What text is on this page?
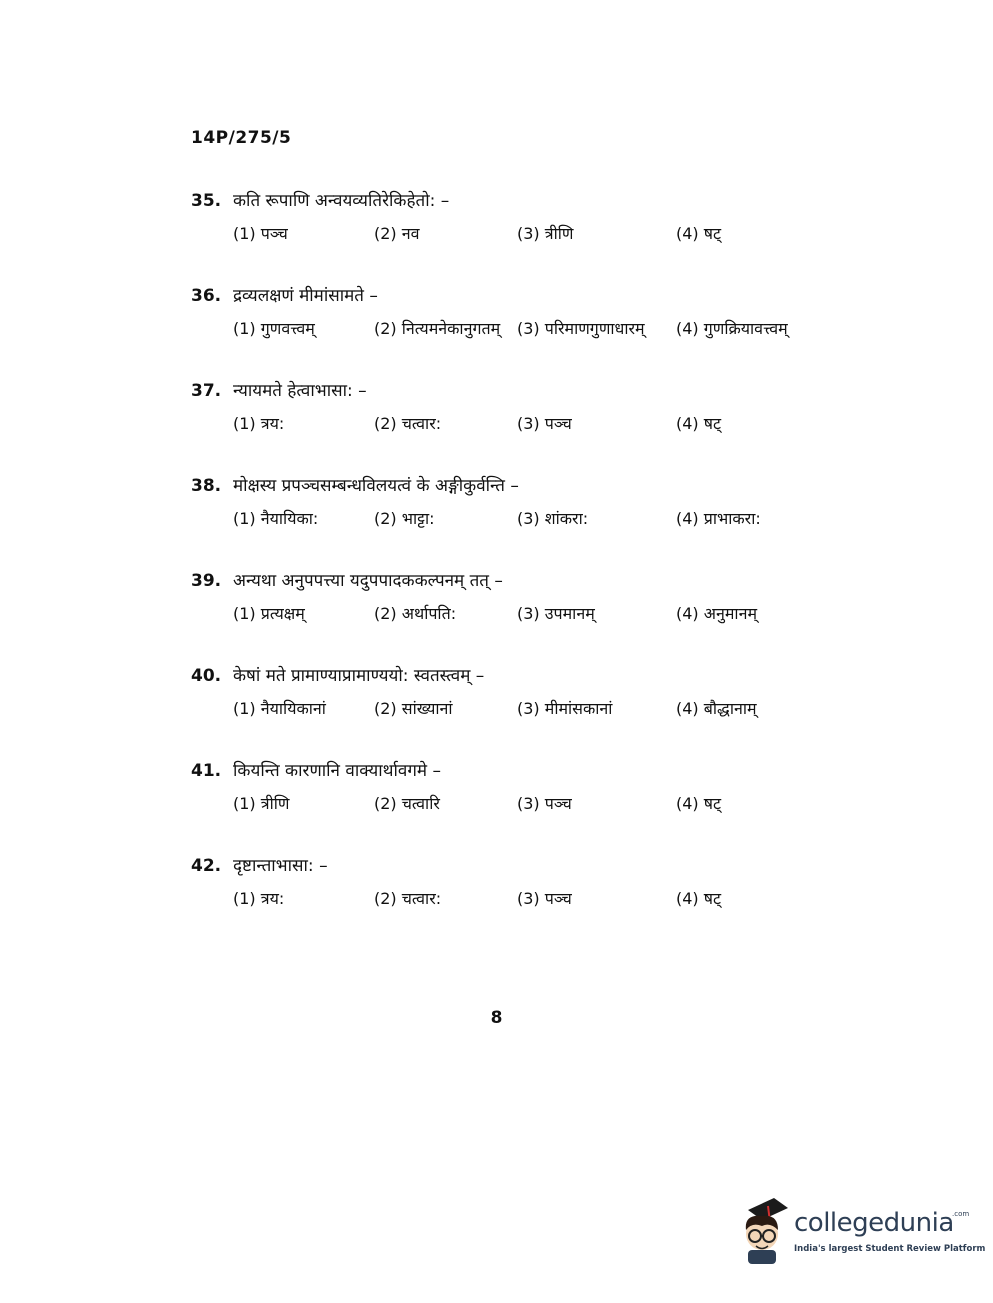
14P/275/5
35. कति रूपाणि अन्वयव्यतिरेकिहेतो: –
(1) पञ्च	(2) नव	(3) त्रीणि	(4) षट्
36. द्रव्यलक्षणं मीमांसामते –
(1) गुणवत्त्वम्	(2) नित्यमनेकानुगतम् (3) परिमाणगुणाधारम् (4) गुणक्रियावत्त्वम्
37. न्यायमते हेत्वाभासा: –
(1) त्रय:	(2) चत्वार:	(3) पञ्च	(4) षट्
38. मोक्षस्य प्रपञ्चसम्बन्धविलयत्वं के अङ्गीकुर्वन्ति –
(1) नैयायिका:	(2) भाट्टा:	(3) शांकरा:	(4) प्राभाकरा:
39. अन्यथा अनुपपत्त्या यदुपपादककल्पनम् तत् –
(1) प्रत्यक्षम्	(2) अर्थापति:	(3) उपमानम्	(4) अनुमानम्
40. केषां मते प्रामाण्याप्रामाण्ययो: स्वतस्त्वम् –
(1) नैयायिकानां	(2) सांख्यानां	(3) मीमांसकानां	(4) बौद्धानाम्
41. कियन्ति कारणानि वाक्यार्थावगमे –
(1) त्रीणि	(2) चत्वारि	(3) पञ्च	(4) षट्
42. दृष्टान्ताभासा: –
(1) त्रय:	(2) चत्वार:	(3) पञ्च	(4) षट्
8
collegedunia
.com
India's largest Student Review Platform
